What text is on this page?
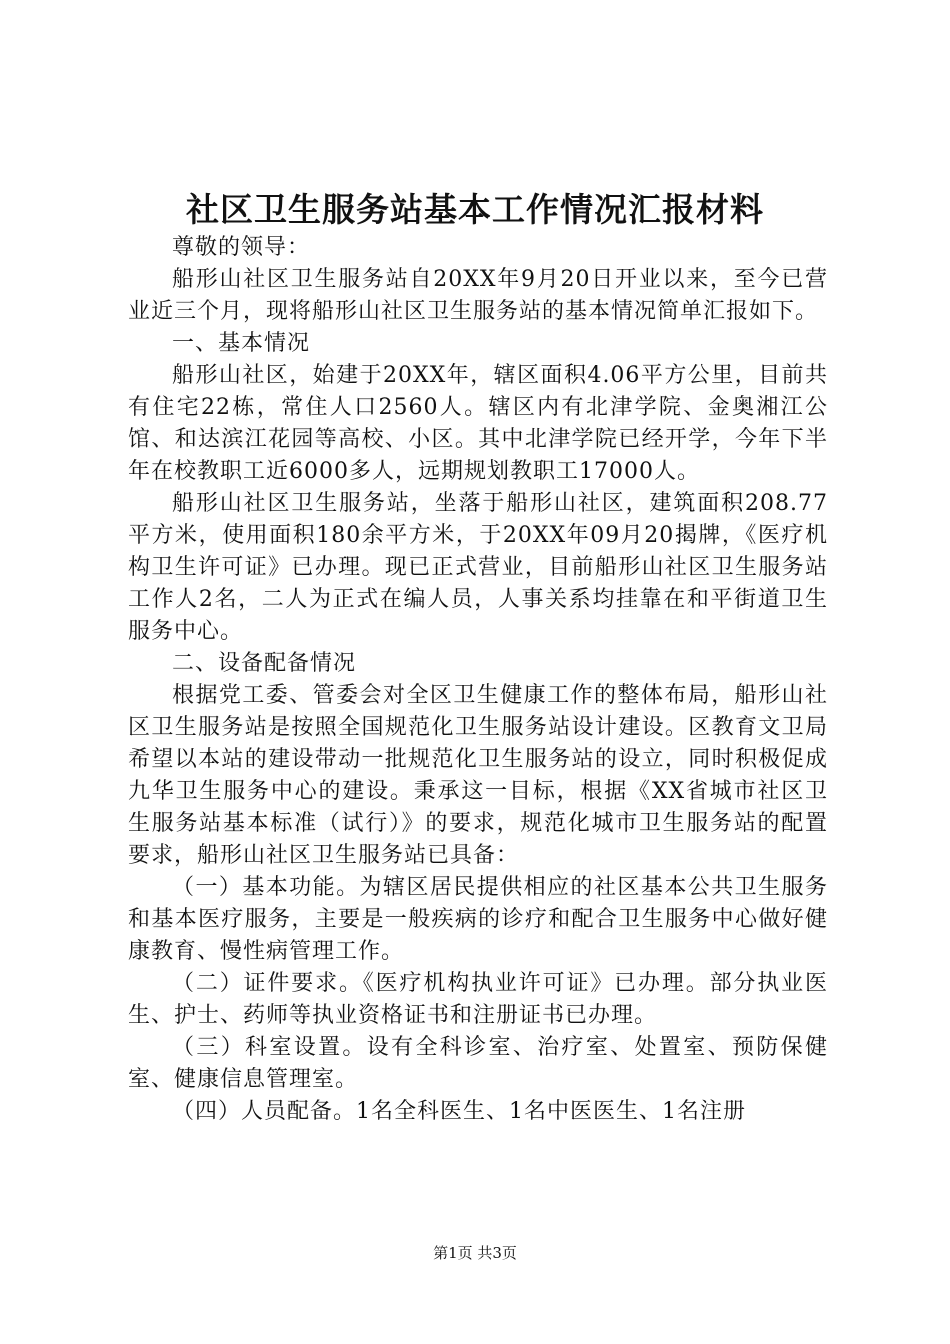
社区卫生服务站基本工作情况汇报材料

尊敬的领导：

船形山社区卫生服务站自20XX年9月20日开业以来，至今已营业近三个月，现将船形山社区卫生服务站的基本情况简单汇报如下。

一、基本情况

船形山社区，始建于20XX年，辖区面积4.06平方公里，目前共有住宅22栋，常住人口2560人。辖区内有北津学院、金奥湘江公馆、和达滨江花园等高校、小区。其中北津学院已经开学，今年下半年在校教职工近6000多人，远期规划教职工17000人。

船形山社区卫生服务站，坐落于船形山社区，建筑面积208.77平方米，使用面积180余平方米，于20XX年09月20揭牌，《医疗机构卫生许可证》已办理。现已正式营业，目前船形山社区卫生服务站工作人2名，二人为正式在编人员，人事关系均挂靠在和平街道卫生服务中心。

二、设备配备情况

根据党工委、管委会对全区卫生健康工作的整体布局，船形山社区卫生服务站是按照全国规范化卫生服务站设计建设。区教育文卫局希望以本站的建设带动一批规范化卫生服务站的设立，同时积极促成九华卫生服务中心的建设。秉承这一目标，根据《XX省城市社区卫生服务站基本标准（试行）》的要求，规范化城市卫生服务站的配置要求，船形山社区卫生服务站已具备：

（一）基本功能。为辖区居民提供相应的社区基本公共卫生服务和基本医疗服务，主要是一般疾病的诊疗和配合卫生服务中心做好健康教育、慢性病管理工作。

（二）证件要求。《医疗机构执业许可证》已办理。部分执业医生、护士、药师等执业资格证书和注册证书已办理。

（三）科室设置。设有全科诊室、治疗室、处置室、预防保健室、健康信息管理室。

（四）人员配备。1名全科医生、1名中医医生、1名注册

第1页 共3页
